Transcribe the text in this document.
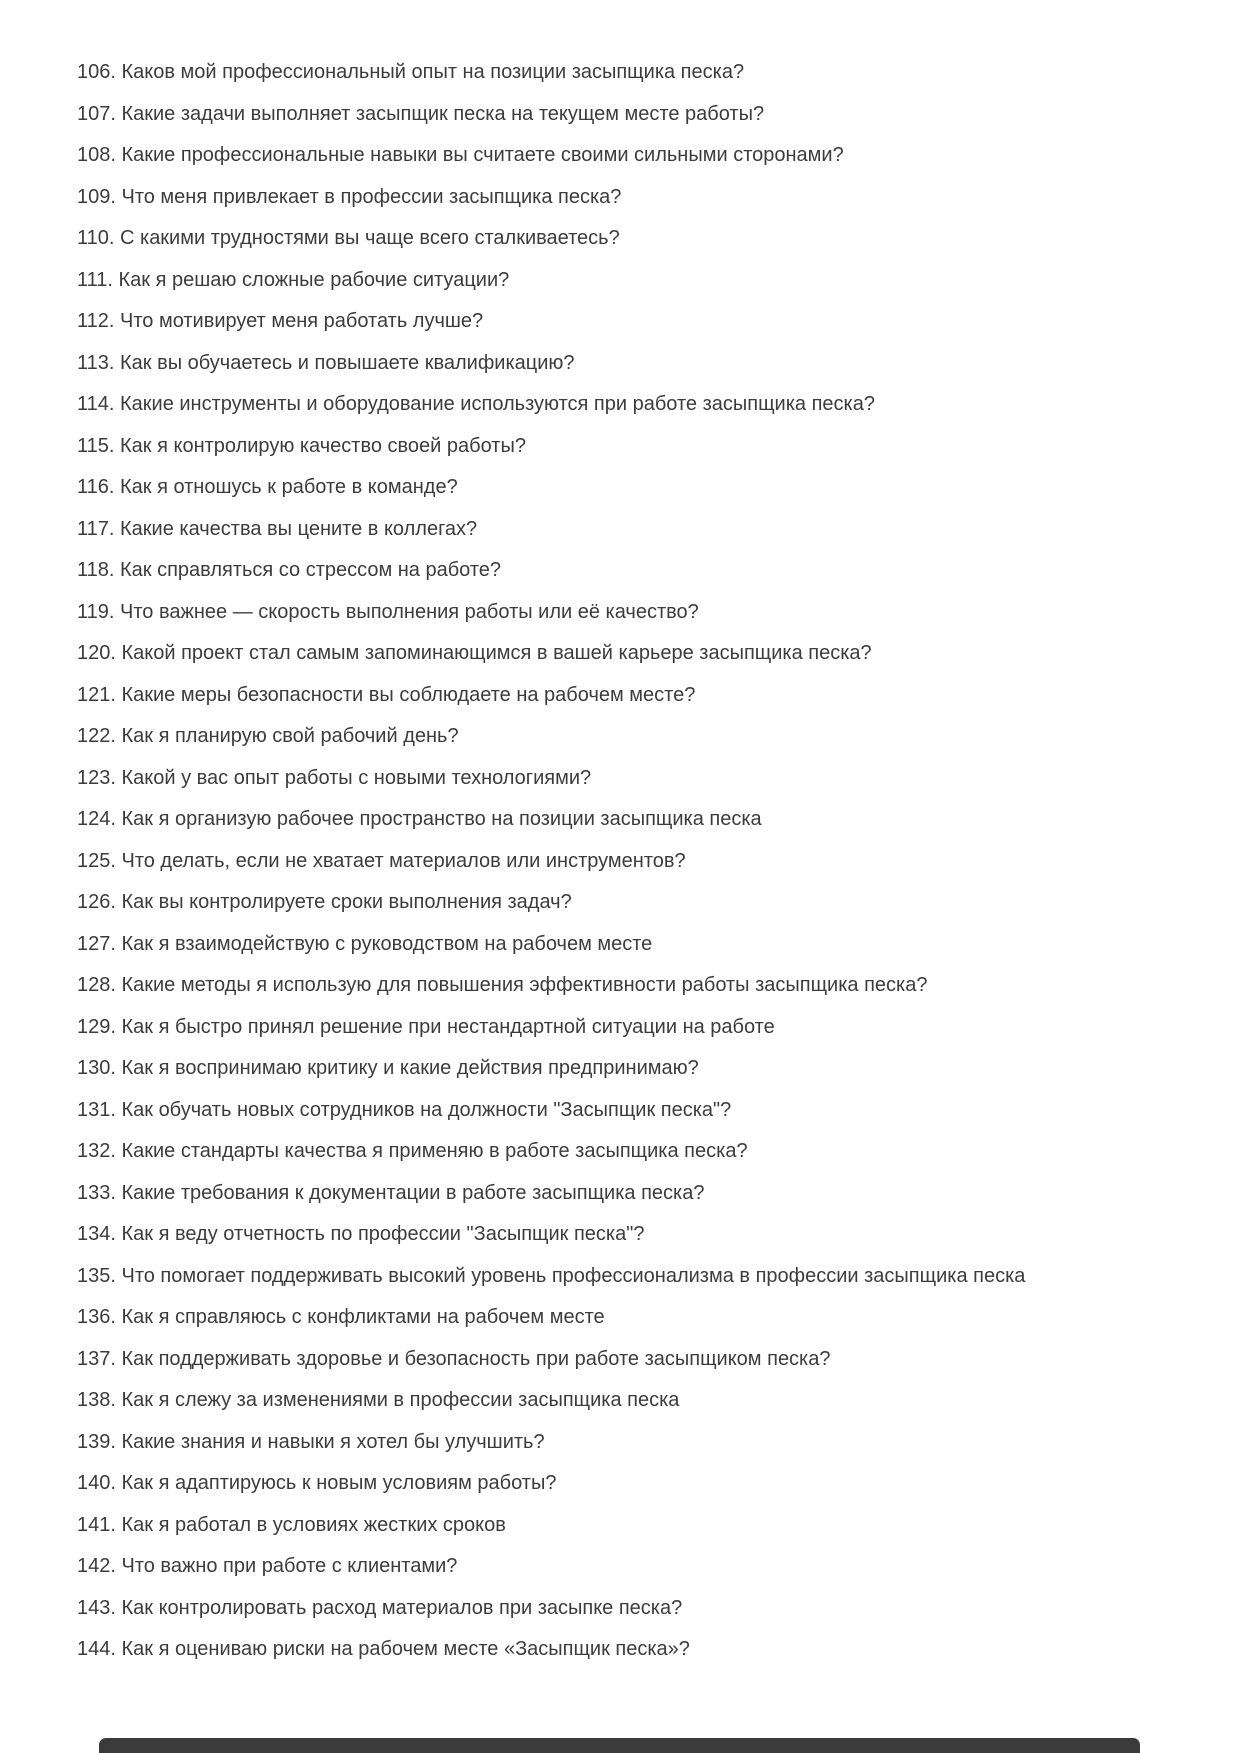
106. Каков мой профессиональный опыт на позиции засыпщика песка?
107. Какие задачи выполняет засыпщик песка на текущем месте работы?
108. Какие профессиональные навыки вы считаете своими сильными сторонами?
109. Что меня привлекает в профессии засыпщика песка?
110. С какими трудностями вы чаще всего сталкиваетесь?
111. Как я решаю сложные рабочие ситуации?
112. Что мотивирует меня работать лучше?
113. Как вы обучаетесь и повышаете квалификацию?
114. Какие инструменты и оборудование используются при работе засыпщика песка?
115. Как я контролирую качество своей работы?
116. Как я отношусь к работе в команде?
117. Какие качества вы цените в коллегах?
118. Как справляться со стрессом на работе?
119. Что важнее — скорость выполнения работы или её качество?
120. Какой проект стал самым запоминающимся в вашей карьере засыпщика песка?
121. Какие меры безопасности вы соблюдаете на рабочем месте?
122. Как я планирую свой рабочий день?
123. Какой у вас опыт работы с новыми технологиями?
124. Как я организую рабочее пространство на позиции засыпщика песка
125. Что делать, если не хватает материалов или инструментов?
126. Как вы контролируете сроки выполнения задач?
127. Как я взаимодействую с руководством на рабочем месте
128. Какие методы я использую для повышения эффективности работы засыпщика песка?
129. Как я быстро принял решение при нестандартной ситуации на работе
130. Как я воспринимаю критику и какие действия предпринимаю?
131. Как обучать новых сотрудников на должности "Засыпщик песка"?
132. Какие стандарты качества я применяю в работе засыпщика песка?
133. Какие требования к документации в работе засыпщика песка?
134. Как я веду отчетность по профессии "Засыпщик песка"?
135. Что помогает поддерживать высокий уровень профессионализма в профессии засыпщика песка
136. Как я справляюсь с конфликтами на рабочем месте
137. Как поддерживать здоровье и безопасность при работе засыпщиком песка?
138. Как я слежу за изменениями в профессии засыпщика песка
139. Какие знания и навыки я хотел бы улучшить?
140. Как я адаптируюсь к новым условиям работы?
141. Как я работал в условиях жестких сроков
142. Что важно при работе с клиентами?
143. Как контролировать расход материалов при засыпке песка?
144. Как я оцениваю риски на рабочем месте «Засыпщик песка»?
